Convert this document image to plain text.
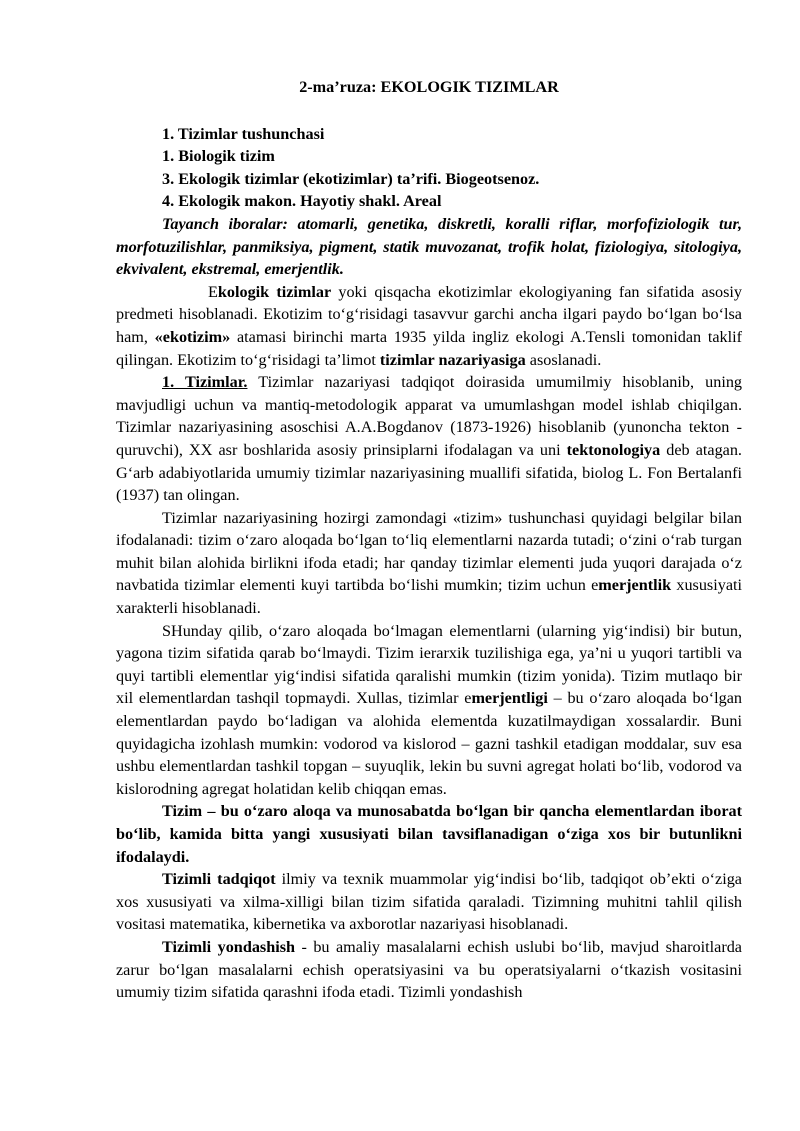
2-ma’ruza: EKOLOGIK TIZIMLAR
1. Tizimlar tushunchasi
1. Biologik tizim
3. Ekologik tizimlar (ekotizimlar) ta’rifi. Biogeotsenoz.
4. Ekologik makon. Hayotiy shakl. Areal

Tayanch iboralar: atomarli, genetika, diskretli, koralli riflar, morfofiziologik tur, morfotuzilishlar, panmiksiya, pigment, statik muvozanat, trofik holat, fiziologiya, sitologiya, ekvivalent, ekstremal, emerjentlik.

Ekologik tizimlar yoki qisqacha ekotizimlar ekologiyaning fan sifatida asosiy predmeti hisoblanadi. Ekotizim to‘g‘risidagi tasavvur garchi ancha ilgari paydo bo‘lgan bo‘lsa ham, «ekotizim» atamasi birinchi marta 1935 yilda ingliz ekologi A.Tensli tomonidan taklif qilingan. Ekotizim to‘g‘risidagi ta’limot tizimlar nazariyasiga asoslanadi.

1. Tizimlar. Tizimlar nazariyasi tadqiqot doirasida umumilmiy hisoblanib, uning mavjudligi uchun va mantiq-metodologik apparat va umumlashgan model ishlab chiqilgan. Tizimlar nazariyasining asoschisi A.A.Bogdanov (1873-1926) hisoblanib (yunoncha tekton -quruvchi), XX asr boshlarida asosiy prinsiplarni ifodalagan va uni tektonologiya deb atagan. G‘arb adabiyotlarida umumiy tizimlar nazariyasining muallifi sifatida, biolog L. Fon Bertalanfi (1937) tan olingan.

Tizimlar nazariyasining hozirgi zamondagi «tizim» tushunchasi quyidagi belgilar bilan ifodalanadi: tizim o‘zaro aloqada bo‘lgan to‘liq elementlarni nazarda tutadi; o‘zini o‘rab turgan muhit bilan alohida birlikni ifoda etadi; har qanday tizimlar elementi juda yuqori darajada o‘z navbatida tizimlar elementi kuyi tartibda bo‘lishi mumkin; tizim uchun emerjentlik xususiyati xarakterli hisoblanadi.

SHunday qilib, o‘zaro aloqada bo‘lmagan elementlarni (ularning yig‘indisi) bir butun, yagona tizim sifatida qarab bo‘lmaydi. Tizim ierarxik tuzilishiga ega, ya’ni u yuqori tartibli va quyi tartibli elementlar yig‘indisi sifatida qaralishi mumkin (tizim yonida). Tizim mutlaqo bir xil elementlardan tashqil topmaydi. Xullas, tizimlar emerjentligi – bu o‘zaro aloqada bo‘lgan elementlardan paydo bo‘ladigan va alohida elementda kuzatilmaydigan xossalardir. Buni quyidagicha izohlash mumkin: vodorod va kislorod – gazni tashkil etadigan moddalar, suv esa ushbu elementlardan tashkil topgan – suyuqlik, lekin bu suvni agregat holati bo‘lib, vodorod va kislorodning agregat holatidan kelib chiqqan emas.

Tizim – bu o‘zaro aloqa va munosabatda bo‘lgan bir qancha elementlardan iborat bo‘lib, kamida bitta yangi xususiyati bilan tavsiflanadigan o‘ziga xos bir butunlikni ifodalaydi.

Tizimli tadqiqot ilmiy va texnik muammolar yig‘indisi bo‘lib, tadqiqot ob’ekti o‘ziga xos xususiyati va xilma-xilligi bilan tizim sifatida qaraladi. Tizimning muhitni tahlil qilish vositasi matematika, kibernetika va axborotlar nazariyasi hisoblanadi.

Tizimli yondashish - bu amaliy masalalarni echish uslubi bo‘lib, mavjud sharoitlarda zarur bo‘lgan masalalarni echish operatsiyasini va bu operatsiyalarni o‘tkazish vositasini umumiy tizim sifatida qarashni ifoda etadi. Tizimli yondashish
